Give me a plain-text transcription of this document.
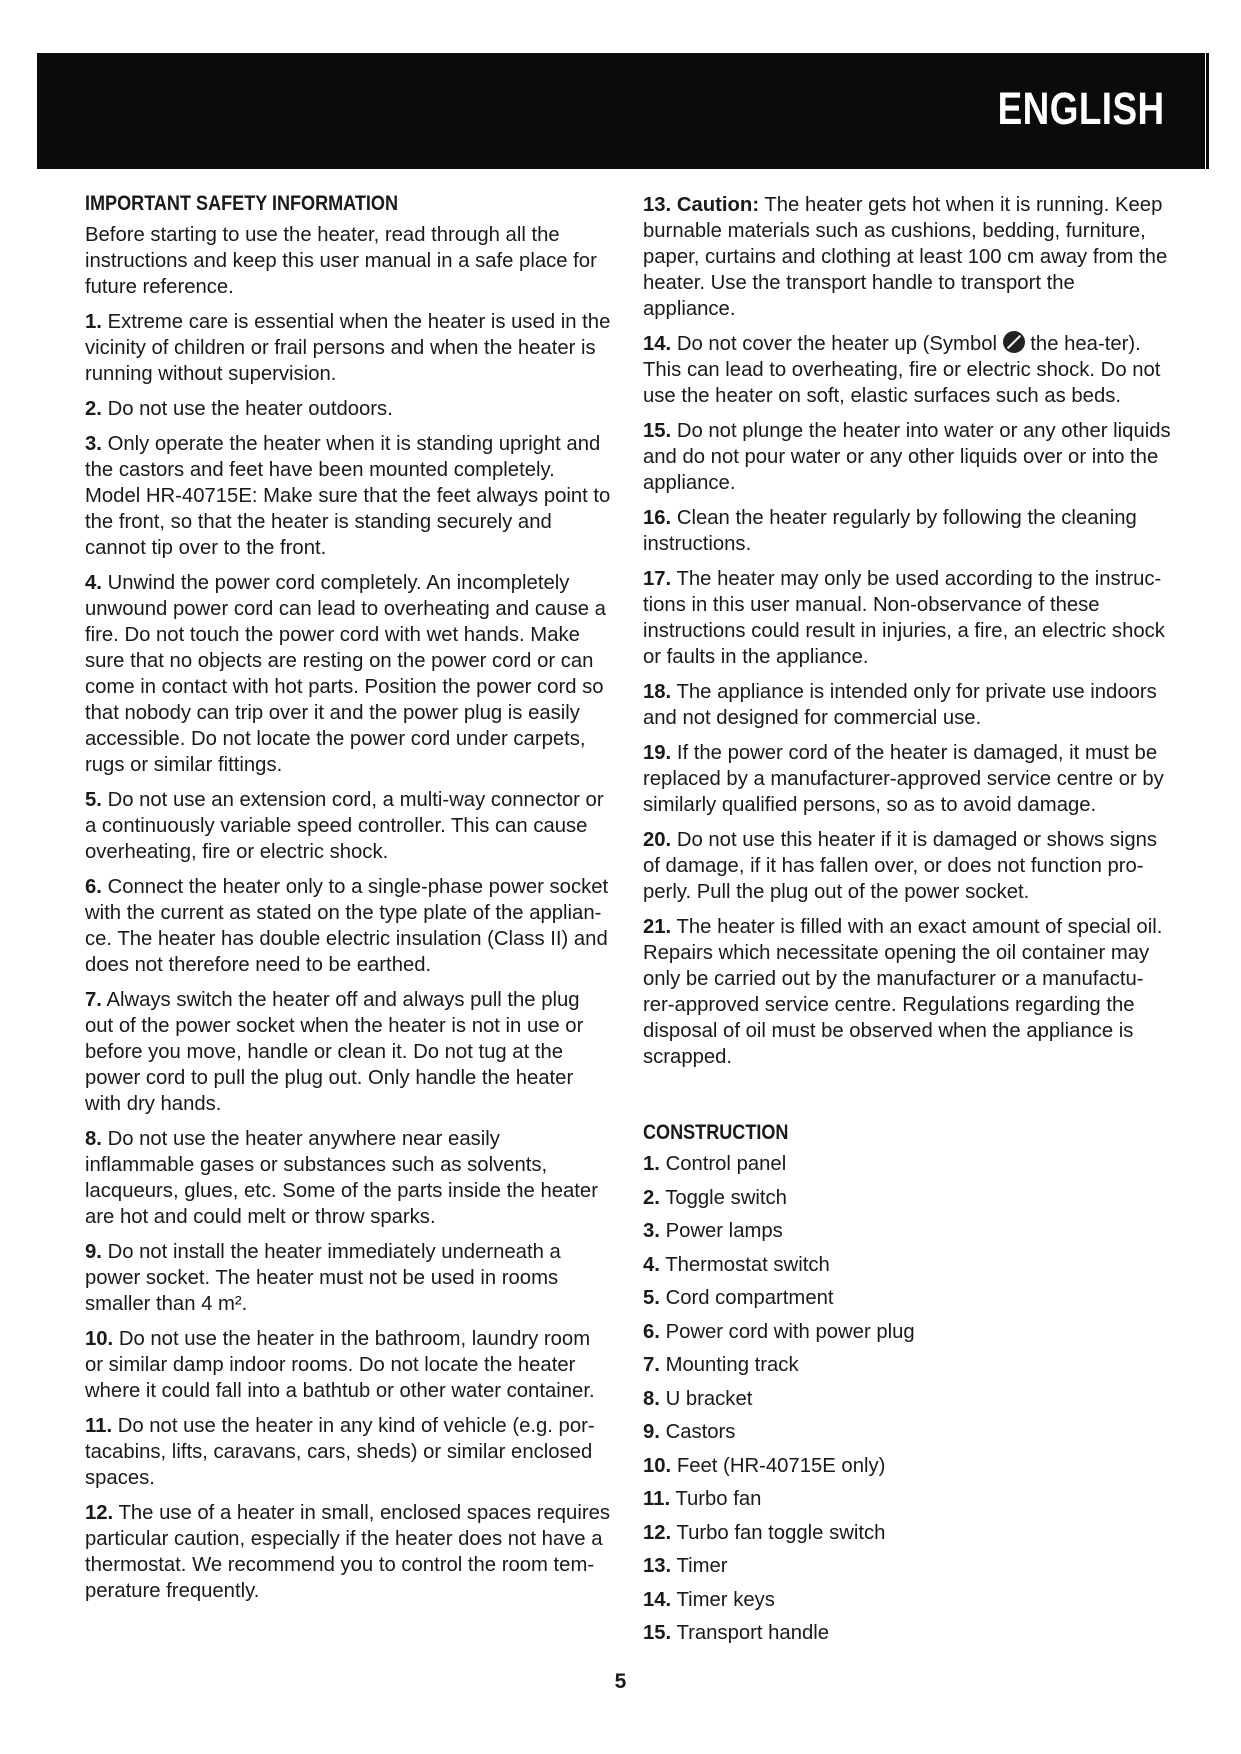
ENGLISH
IMPORTANT SAFETY INFORMATION

Before starting to use the heater, read through all the instructions and keep this user manual in a safe place for future reference.

1. Extreme care is essential when the heater is used in the vicinity of children or frail persons and when the heater is running without supervision.

2. Do not use the heater outdoors.

3. Only operate the heater when it is standing upright and the castors and feet have been mounted completely. Model HR-40715E: Make sure that the feet always point to the front, so that the heater is standing securely and cannot tip over to the front.

4. Unwind the power cord completely. An incompletely unwound power cord can lead to overheating and cause a fire. Do not touch the power cord with wet hands. Make sure that no objects are resting on the power cord or can come in contact with hot parts. Position the power cord so that nobody can trip over it and the power plug is easily accessible. Do not locate the power cord under carpets, rugs or similar fittings.

5. Do not use an extension cord, a multi-way connector or a continuously variable speed controller. This can cause overheating, fire or electric shock.

6. Connect the heater only to a single-phase power socket with the current as stated on the type plate of the applian-ce. The heater has double electric insulation (Class II) and does not therefore need to be earthed.

7. Always switch the heater off and always pull the plug out of the power socket when the heater is not in use or before you move, handle or clean it. Do not tug at the power cord to pull the plug out. Only handle the heater with dry hands.

8. Do not use the heater anywhere near easily inflammable gases or substances such as solvents, lacqueurs, glues, etc. Some of the parts inside the heater are hot and could melt or throw sparks.

9. Do not install the heater immediately underneath a power socket. The heater must not be used in rooms smaller than 4 m².

10. Do not use the heater in the bathroom, laundry room or similar damp indoor rooms. Do not locate the heater where it could fall into a bathtub or other water container.

11. Do not use the heater in any kind of vehicle (e.g. por-tacabins, lifts, caravans, cars, sheds) or similar enclosed spaces.

12. The use of a heater in small, enclosed spaces requires particular caution, especially if the heater does not have a thermostat. We recommend you to control the room tem-perature frequently.

13. Caution: The heater gets hot when it is running. Keep burnable materials such as cushions, bedding, furniture, paper, curtains and clothing at least 100 cm away from the heater. Use the transport handle to transport the appliance.

14. Do not cover the heater up (Symbol the hea-ter). This can lead to overheating, fire or electric shock. Do not use the heater on soft, elastic surfaces such as beds.

15. Do not plunge the heater into water or any other liquids and do not pour water or any other liquids over or into the appliance.

16. Clean the heater regularly by following the cleaning instructions.

17. The heater may only be used according to the instruc-tions in this user manual. Non-observance of these instructions could result in injuries, a fire, an electric shock or faults in the appliance.

18. The appliance is intended only for private use indoors and not designed for commercial use.

19. If the power cord of the heater is damaged, it must be replaced by a manufacturer-approved service centre or by similarly qualified persons, so as to avoid damage.

20. Do not use this heater if it is damaged or shows signs of damage, if it has fallen over, or does not function pro-perly. Pull the plug out of the power socket.

21. The heater is filled with an exact amount of special oil. Repairs which necessitate opening the oil container may only be carried out by the manufacturer or a manufactu-rer-approved service centre. Regulations regarding the disposal of oil must be observed when the appliance is scrapped.

CONSTRUCTION
1. Control panel
2. Toggle switch
3. Power lamps
4. Thermostat switch
5. Cord compartment
6. Power cord with power plug
7. Mounting track
8. U bracket
9. Castors
10. Feet (HR-40715E only)
11. Turbo fan
12. Turbo fan toggle switch
13. Timer
14. Timer keys
15. Transport handle
5
